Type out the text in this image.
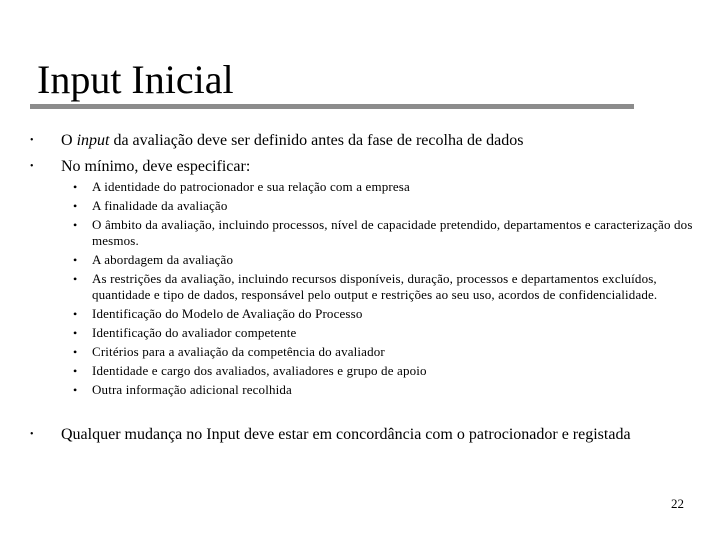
Input Inicial
• O input da avaliação deve ser definido antes da fase de recolha de dados
• No mínimo, deve especificar:
• A identidade do patrocionador e sua relação com a empresa
• A finalidade da avaliação
• O âmbito da avaliação, incluindo processos, nível de capacidade pretendido, departamentos e caracterização dos mesmos.
• A abordagem da avaliação
• As restrições da avaliação, incluindo recursos disponíveis, duração, processos e departamentos excluídos, quantidade e tipo de dados, responsável pelo output e restrições ao seu uso, acordos de confidencialidade.
• Identificação do Modelo de Avaliação do Processo
• Identificação do avaliador competente
• Critérios para a avaliação da competência do avaliador
• Identidade e cargo dos avaliados, avaliadores e grupo de apoio
• Outra informação adicional recolhida
• Qualquer mudança no Input deve estar em concordância com o patrocionador e registada
22
